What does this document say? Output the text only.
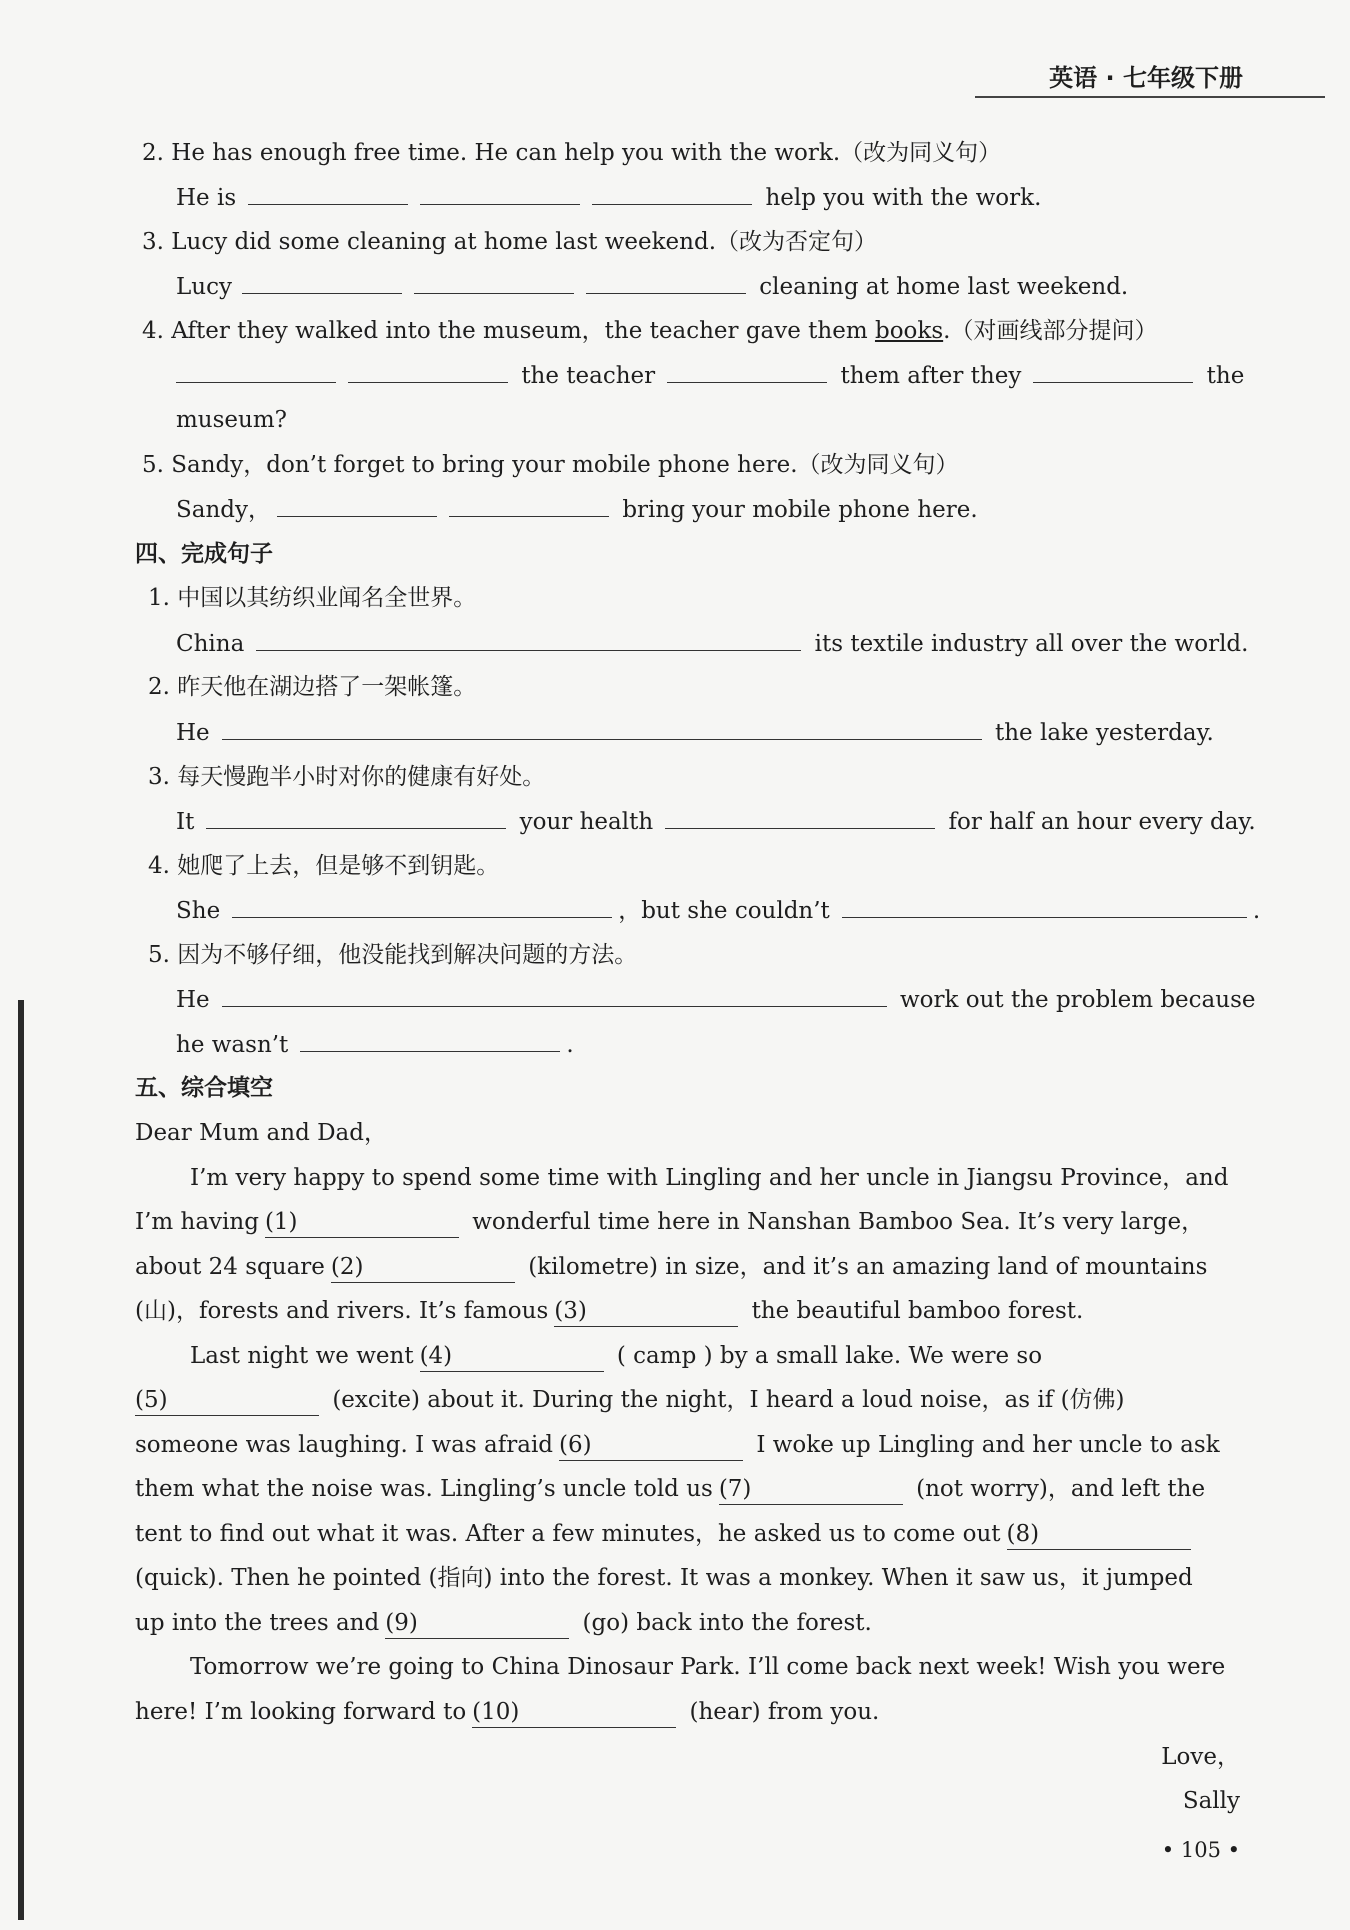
英语 · 七年级下册
2. He has enough free time. He can help you with the work.（改为同义句）
He is	help you with the work.
3. Lucy did some cleaning at home last weekend.（改为否定句）
Lucy	cleaning at home last weekend.
4. After they walked into the museum，the teacher gave them books.（对画线部分提问）
the teacher	them after they	the
museum?
5. Sandy，don’t forget to bring your mobile phone here.（改为同义句）
Sandy，	bring your mobile phone here.
四、完成句子
1. 中国以其纺织业闻名全世界。
China	its textile industry all over the world.
2. 昨天他在湖边搭了一架帐篷。
He	the lake yesterday.
3. 每天慢跑半小时对你的健康有好处。
It	your health	for half an hour every day.
4. 她爬了上去，但是够不到钥匙。
She	，but she couldn’t	.
5. 因为不够仔细，他没能找到解决问题的方法。
He	work out the problem because
he wasn’t	.
五、综合填空
Dear Mum and Dad，
I’m very happy to spend some time with Lingling and her uncle in Jiangsu Province，and
I’m having (1)	wonderful time here in Nanshan Bamboo Sea. It’s very large，
about 24 square (2)	(kilometre) in size，and it’s an amazing land of mountains
(山)，forests and rivers. It’s famous (3)	the beautiful bamboo forest.
Last night we went (4)	( camp ) by a small lake. We were so
(5)	(excite) about it. During the night，I heard a loud noise，as if (仿佛)
someone was laughing. I was afraid (6)	I woke up Lingling and her uncle to ask
them what the noise was. Lingling’s uncle told us (7)	(not worry)，and left the
tent to find out what it was. After a few minutes，he asked us to come out (8)
(quick). Then he pointed (指向) into the forest. It was a monkey. When it saw us，it jumped
up into the trees and (9)	(go) back into the forest.
Tomorrow we’re going to China Dinosaur Park. I’ll come back next week! Wish you were
here! I’m looking forward to (10)	(hear) from you.
Love，
Sally
• 105 •
